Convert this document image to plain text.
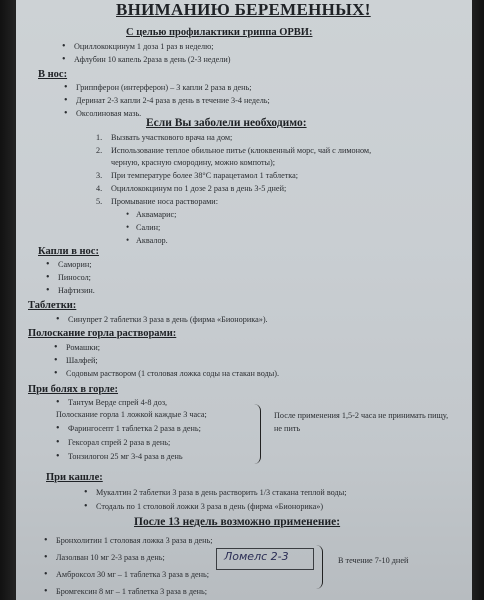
ВНИМАНИЮ БЕРЕМЕННЫХ!
С целью профилактики гриппа ОРВИ:
• Оциллококцинум 1 доза 1 раз в неделю;
• Афлубин 10 капель 2раза в день (2-3 недели)
В нос:
• Гриппферон (интерферон) – 3 капли 2 раза в день;
• Деринат 2-3 капли 2-4 раза в день в течение 3-4 недель;
• Оксолиновая мазь.
Если Вы заболели необходимо:
1. Вызвать участкового врача на дом;
2. Использование теплое обильное питье (клюквенный морс, чай с лимоном,
черную, красную смородину, можно компоты);
3. При температуре более 38°С парацетамол 1 таблетка;
4. Оциллококцинум по 1 дозе 2 раза в день 3-5 дней;
5. Промывание носа растворами:
• Аквамарис;
• Салин;
• Аквалор.
Капли в нос:
• Саморин;
• Пиносол;
• Нафтизин.
Таблетки:
• Синупрет 2 таблетки 3 раза в день (фирма «Бионорика»).
Полоскание горла растворами:
• Ромашки;
• Шалфей;
• Содовым раствором (1 столовая ложка соды на стакан воды).
При болях в горле:
• Тантум Верде спрей 4-8 доз,
Полоскание горла 1 ложкой каждые 3 часа;
• Фарингосепт 1 таблетка 2 раза в день;
• Гексорал спрей 2 раза в день;
• Тонзилогон 25 мг 3-4 раза в день
После применения 1,5-2 часа не принимать пищу, не пить
При кашле:
• Мукалтин 2 таблетки 3 раза в день растворить 1/3 стакана теплой воды;
• Стодаль по 1 столовой ложки 3 раза в день (фирма «Бионорика»)
После 13 недель возможно применение:
• Бронхолитин 1 столовая ложка 3 раза в день;
• Лазолван 10 мг 2-3 раза в день;
• Амброксол 30 мг – 1 таблетка 3 раза в день;
• Бромгексин 8 мг – 1 таблетка 3 раза в день;
Ломелс 2-3	В течение 7-10 дней
